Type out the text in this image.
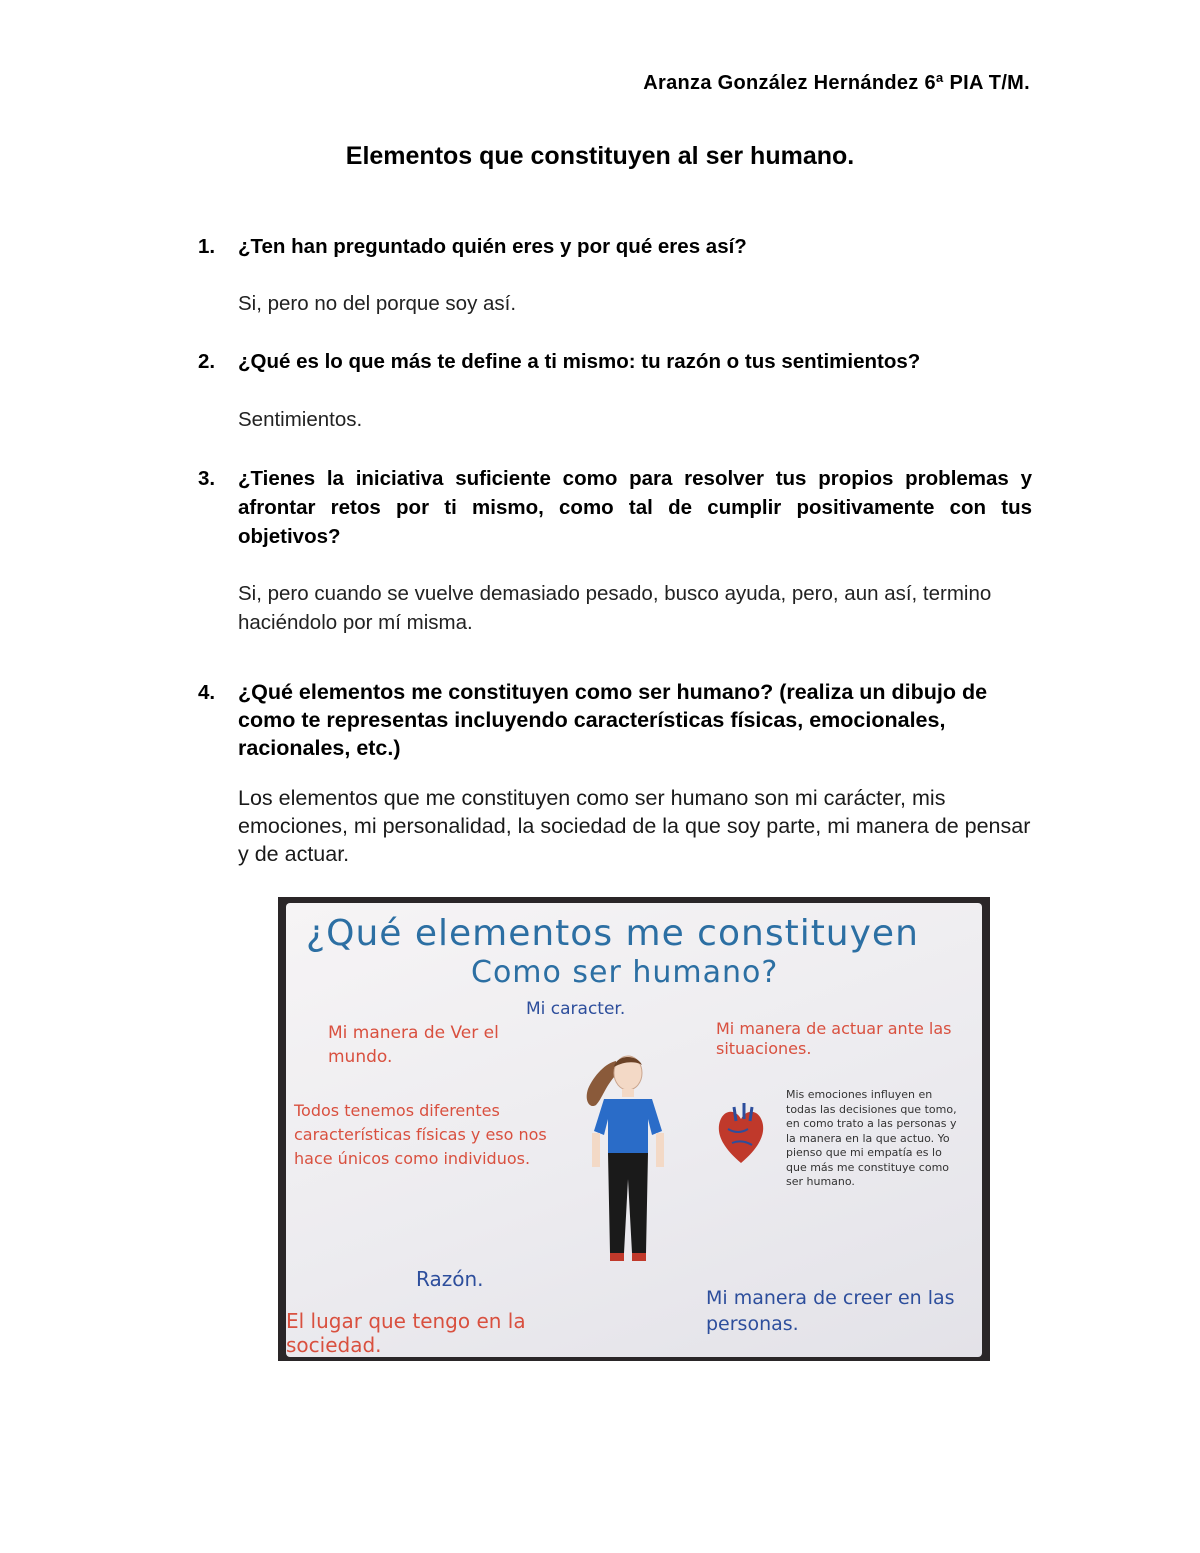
Aranza González Hernández 6ª PIA T/M.
Elementos que constituyen al ser humano.
1. ¿Ten han preguntado quién eres y por qué eres así?

Si, pero no del porque soy así.

2. ¿Qué es lo que más te define a ti mismo: tu razón o tus sentimientos?

Sentimientos.

3. ¿Tienes la iniciativa suficiente como para resolver tus propios problemas y afrontar retos por ti mismo, como tal de cumplir positivamente con tus objetivos?

Si, pero cuando se vuelve demasiado pesado, busco ayuda, pero, aun así, termino haciéndolo por mí misma.

4. ¿Qué elementos me constituyen como ser humano? (realiza un dibujo de como te representas incluyendo características físicas, emocionales, racionales, etc.)

Los elementos que me constituyen como ser humano son mi carácter, mis emociones, mi personalidad, la sociedad de la que soy parte, mi manera de pensar y de actuar.

¿Qué elementos me constituyen
Como ser humano?
Mi caracter.
Mi manera de Ver el mundo.
Mi manera de actuar ante las situaciones.
Todos tenemos diferentes características físicas y eso nos hace únicos como individuos.
Mis emociones influyen en todas las decisiones que tomo, en como trato a las personas y la manera en la que actuo. Yo pienso que mi empatía es lo que más me constituye como ser humano.
Razón.
El lugar que tengo en la sociedad.
Mi manera de creer en las personas.
